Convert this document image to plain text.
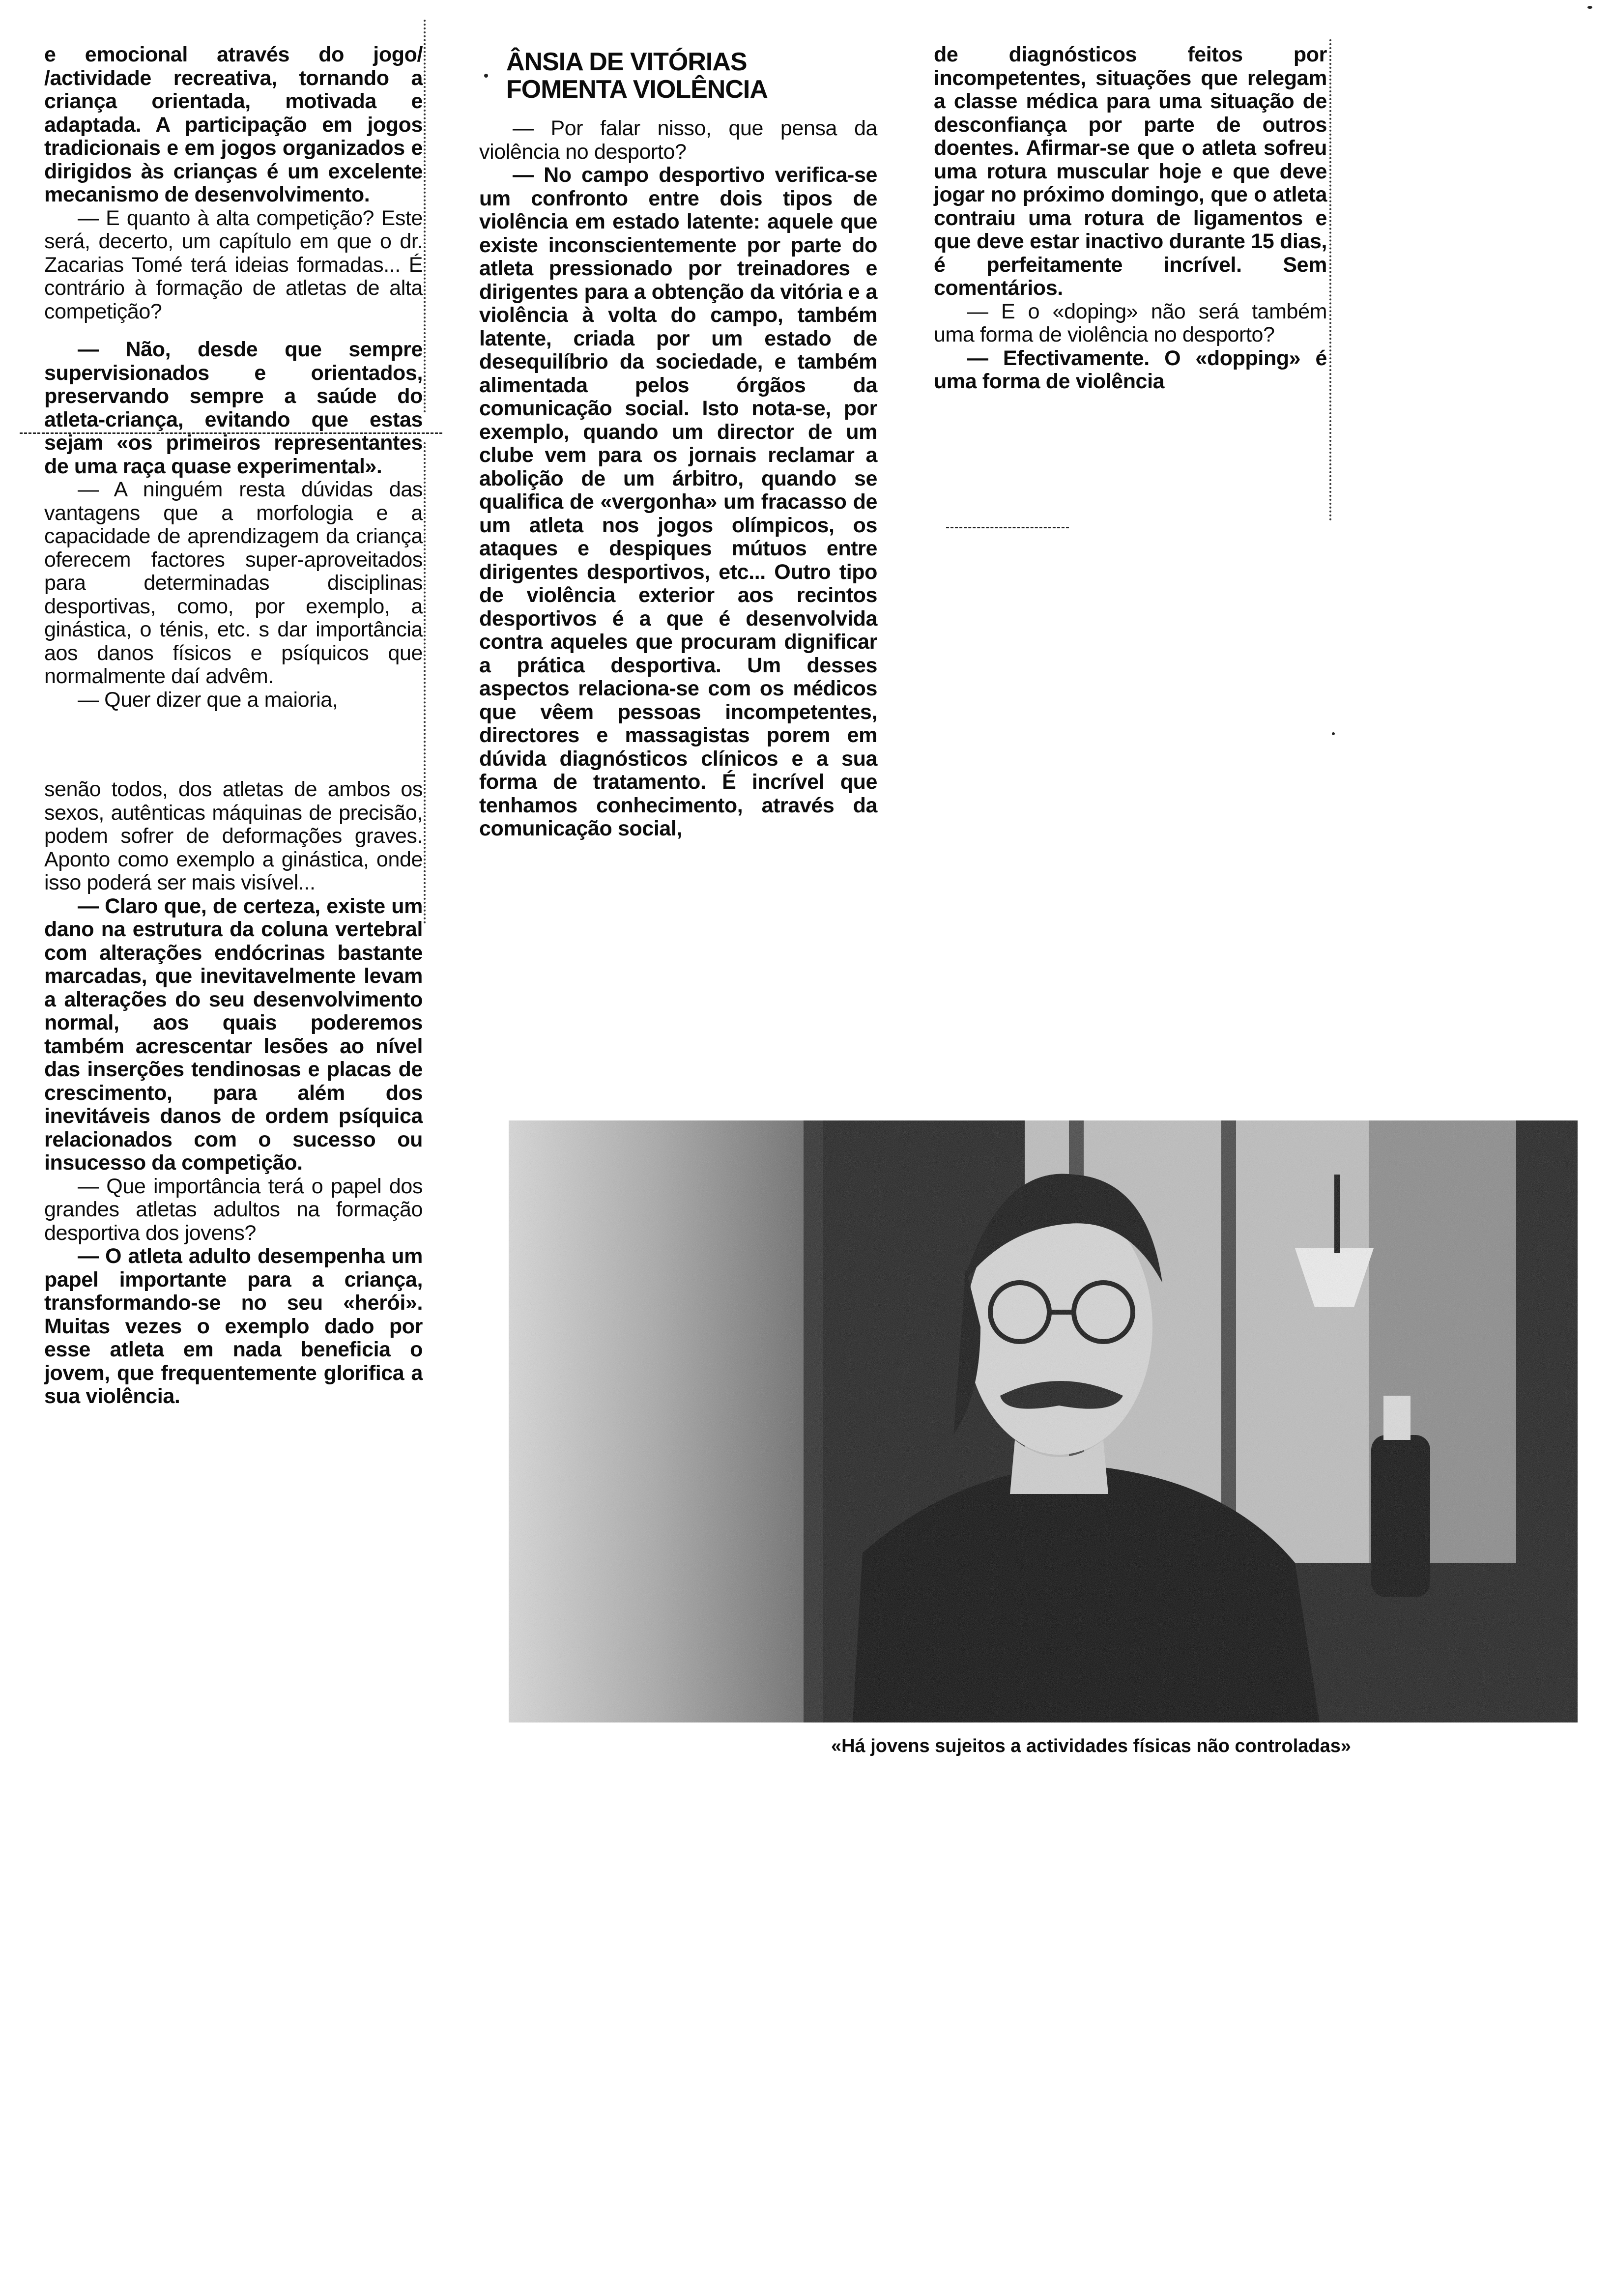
e emocional através do jogo/ /actividade recreativa, tornando a criança orientada, motivada e adaptada. A participação em jogos tradicionais e em jogos organizados e dirigidos às crianças é um excelente mecanismo de desenvolvimento.

— E quanto à alta competição? Este será, decerto, um capítulo em que o dr. Zacarias Tomé terá ideias formadas... É contrário à formação de atletas de alta competição?

— Não, desde que sempre supervisionados e orientados, preservando sempre a saúde do atleta-criança, evitando que estas sejam «os primeiros representantes de uma raça quase experimental».

— A ninguém resta dúvidas das vantagens que a morfologia e a capacidade de aprendizagem da criança oferecem factores super-aproveitados para determinadas disciplinas desportivas, como, por exemplo, a ginástica, o ténis, etc. s dar importância aos danos físicos e psíquicos que normalmente daí advêm.

— Quer dizer que a maioria,

senão todos, dos atletas de ambos os sexos, autênticas máquinas de precisão, podem sofrer de deformações graves. Aponto como exemplo a ginástica, onde isso poderá ser mais visível...

— Claro que, de certeza, existe um dano na estrutura da coluna vertebral com alterações endócrinas bastante marcadas, que inevitavelmente levam a alterações do seu desenvolvimento normal, aos quais poderemos também acrescentar lesões ao nível das inserções tendinosas e placas de crescimento, para além dos inevitáveis danos de ordem psíquica relacionados com o sucesso ou insucesso da competição.

— Que importância terá o papel dos grandes atletas adultos na formação desportiva dos jovens?

— O atleta adulto desempenha um papel importante para a criança, transformando-se no seu «herói». Muitas vezes o exemplo dado por esse atleta em nada beneficia o jovem, que frequentemente glorifica a sua violência.

ÂNSIA DE VITÓRIAS FOMENTA VIOLÊNCIA

— Por falar nisso, que pensa da violência no desporto?

— No campo desportivo verifica-se um confronto entre dois tipos de violência em estado latente: aquele que existe inconscientemente por parte do atleta pressionado por treinadores e dirigentes para a obtenção da vitória e a violência à volta do campo, também latente, criada por um estado de desequilíbrio da sociedade, e também alimentada pelos órgãos da comunicação social. Isto nota-se, por exemplo, quando um director de um clube vem para os jornais reclamar a abolição de um árbitro, quando se qualifica de «vergonha» um fracasso de um atleta nos jogos olímpicos, os ataques e despiques mútuos entre dirigentes desportivos, etc... Outro tipo de violência exterior aos recintos desportivos é a que é desenvolvida contra aqueles que procuram dignificar a prática desportiva. Um desses aspectos relaciona-se com os médicos que vêem pessoas incompetentes, directores e massagistas porem em dúvida diagnósticos clínicos e a sua forma de tratamento. É incrível que tenhamos conhecimento, através da comunicação social,

de diagnósticos feitos por incompetentes, situações que relegam a classe médica para uma situação de desconfiança por parte de outros doentes. Afirmar-se que o atleta sofreu uma rotura muscular hoje e que deve jogar no próximo domingo, que o atleta contraiu uma rotura de ligamentos e que deve estar inactivo durante 15 dias, é perfeitamente incrível. Sem comentários.

— E o «doping» não será também uma forma de violência no desporto?

— Efectivamente. O «dopping» é uma forma de violência

«Há jovens sujeitos a actividades físicas não controladas»
